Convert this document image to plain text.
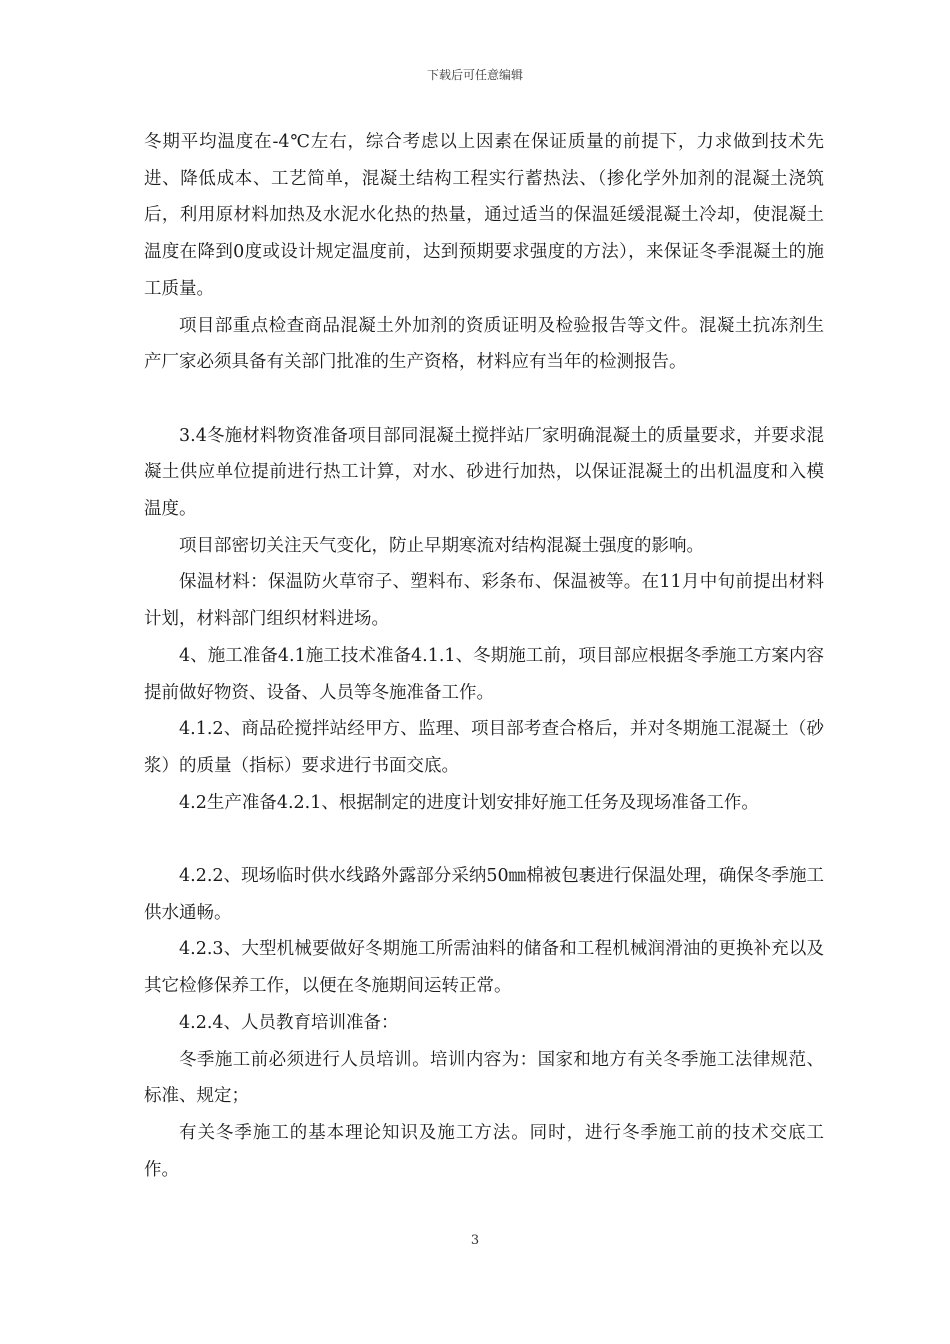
下载后可任意编辑

冬期平均温度在-4℃左右，综合考虑以上因素在保证质量的前提下，力求做到技术先进、降低成本、工艺简单，混凝土结构工程实行蓄热法、（掺化学外加剂的混凝土浇筑后，利用原材料加热及水泥水化热的热量，通过适当的保温延缓混凝土冷却，使混凝土温度在降到0度或设计规定温度前，达到预期要求强度的方法），来保证冬季混凝土的施工质量。

项目部重点检查商品混凝土外加剂的资质证明及检验报告等文件。混凝土抗冻剂生产厂家必须具备有关部门批准的生产资格，材料应有当年的检测报告。

3.4冬施材料物资准备项目部同混凝土搅拌站厂家明确混凝土的质量要求，并要求混凝土供应单位提前进行热工计算，对水、砂进行加热，以保证混凝土的出机温度和入模温度。

项目部密切关注天气变化，防止早期寒流对结构混凝土强度的影响。

保温材料：保温防火草帘子、塑料布、彩条布、保温被等。在11月中旬前提出材料计划，材料部门组织材料进场。

4、施工准备4.1施工技术准备4.1.1、冬期施工前，项目部应根据冬季施工方案内容提前做好物资、设备、人员等冬施准备工作。

4.1.2、商品砼搅拌站经甲方、监理、项目部考查合格后，并对冬期施工混凝土（砂浆）的质量（指标）要求进行书面交底。

4.2生产准备4.2.1、根据制定的进度计划安排好施工任务及现场准备工作。

4.2.2、现场临时供水线路外露部分采纳50㎜棉被包裹进行保温处理，确保冬季施工供水通畅。

4.2.3、大型机械要做好冬期施工所需油料的储备和工程机械润滑油的更换补充以及其它检修保养工作，以便在冬施期间运转正常。

4.2.4、人员教育培训准备：

冬季施工前必须进行人员培训。培训内容为：国家和地方有关冬季施工法律规范、标准、规定；

有关冬季施工的基本理论知识及施工方法。同时，进行冬季施工前的技术交底工作。

3
